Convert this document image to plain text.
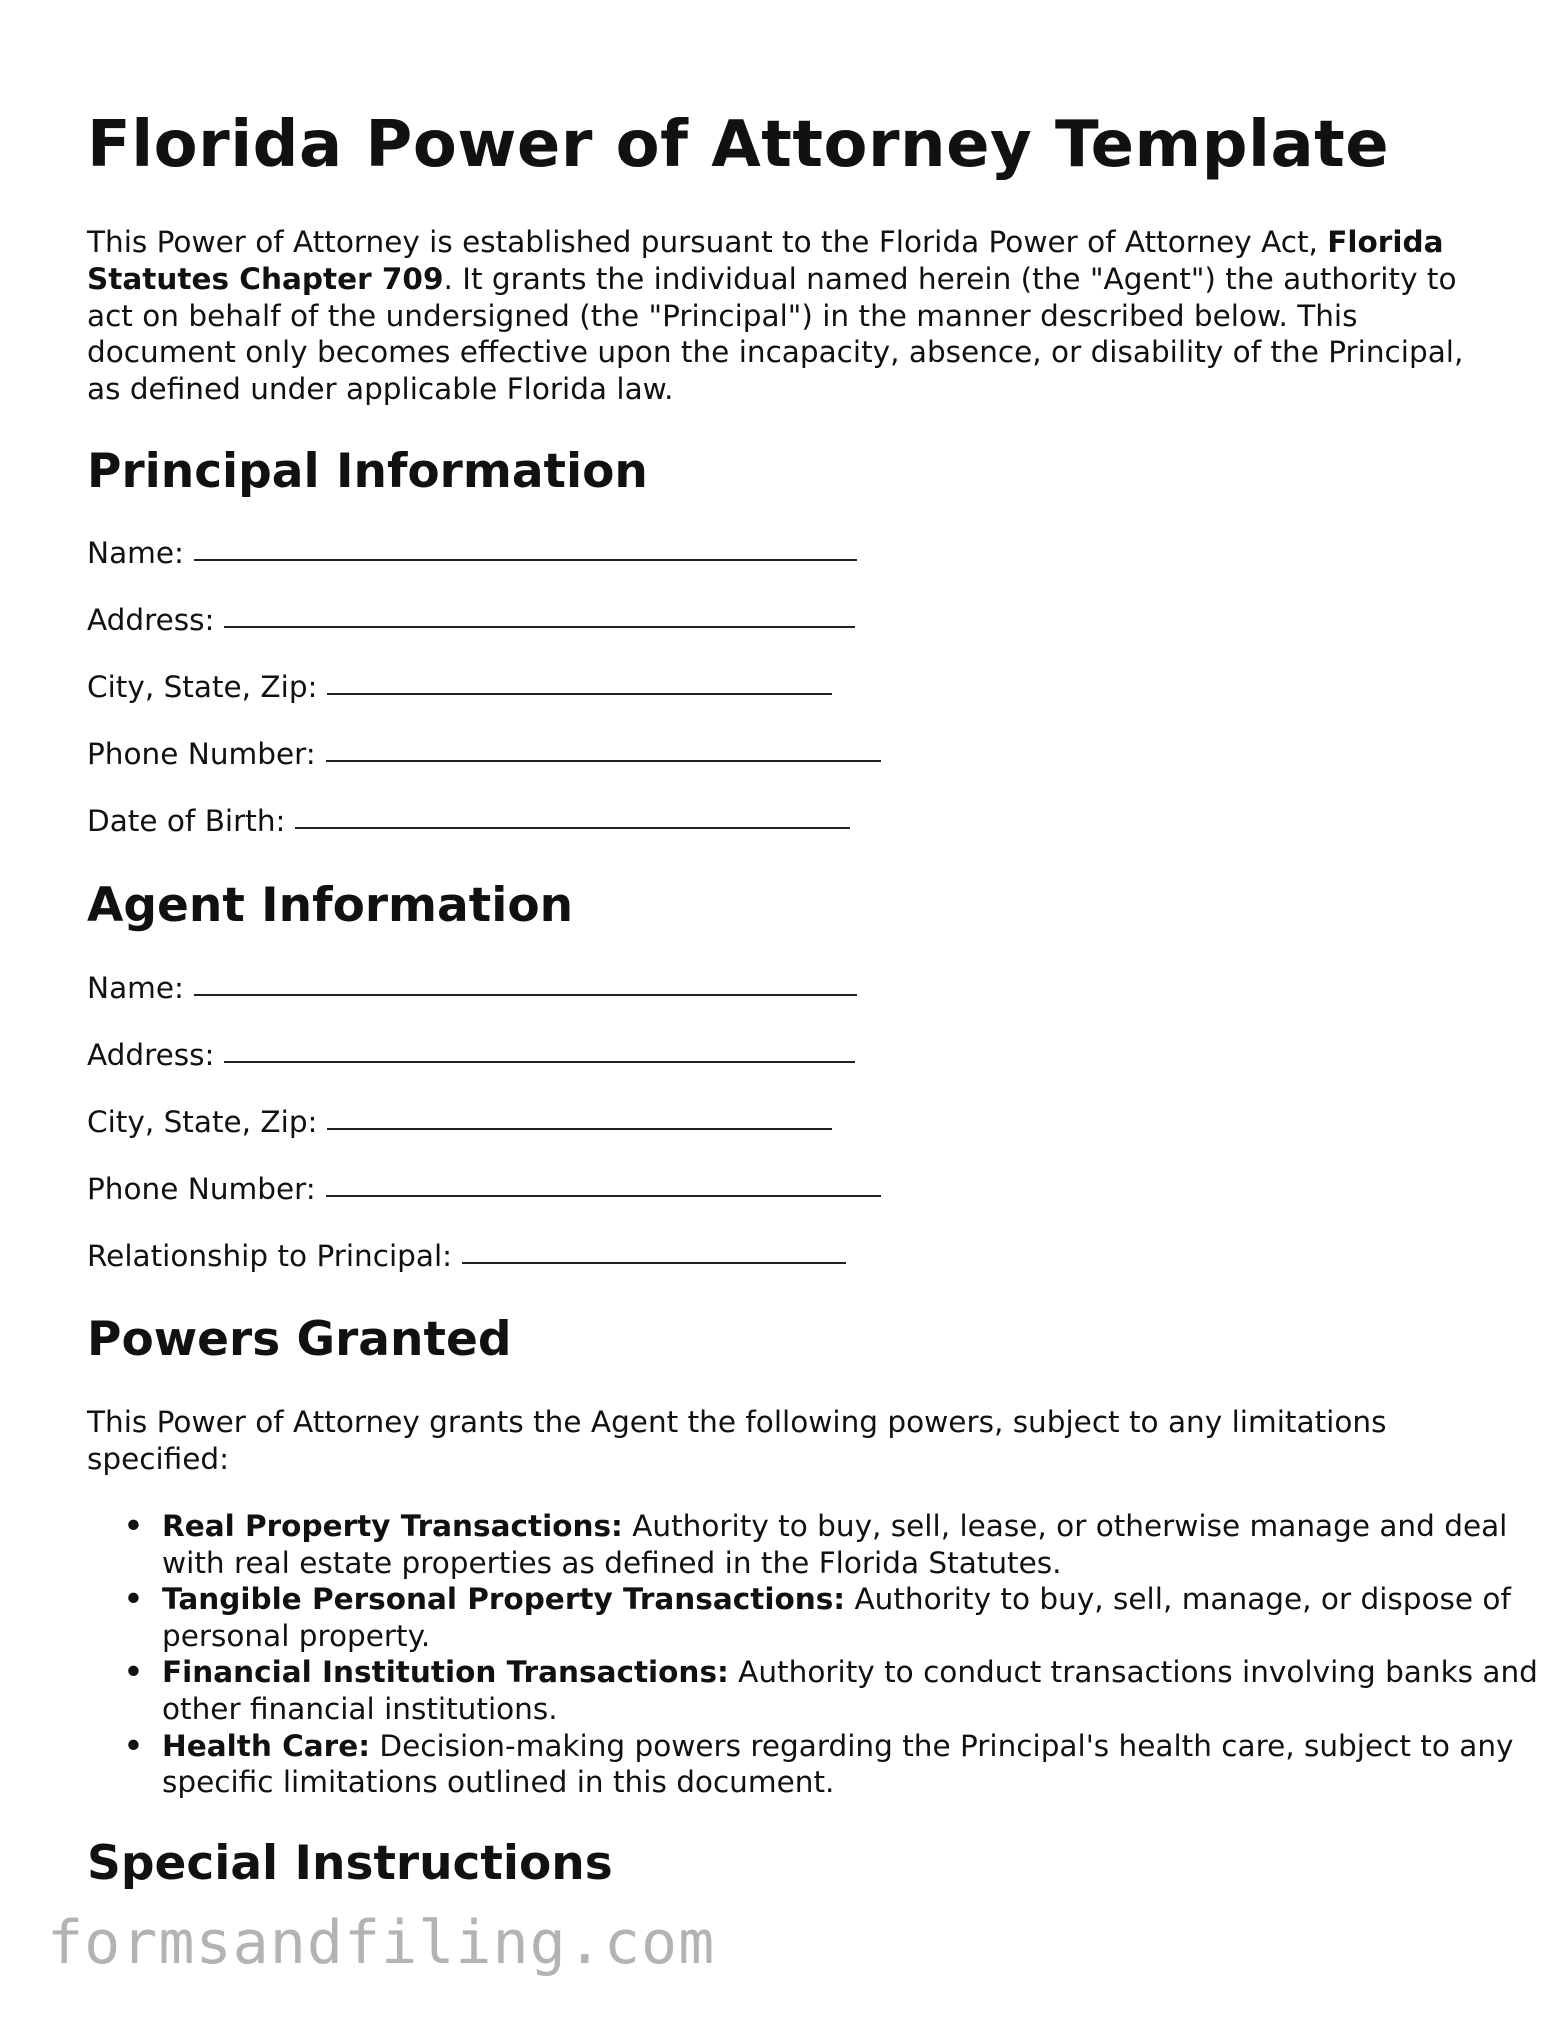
Florida Power of Attorney Template

This Power of Attorney is established pursuant to the Florida Power of Attorney Act, Florida Statutes Chapter 709. It grants the individual named herein (the "Agent") the authority to act on behalf of the undersigned (the "Principal") in the manner described below. This document only becomes effective upon the incapacity, absence, or disability of the Principal, as defined under applicable Florida law.

Principal Information
Name:
Address:
City, State, Zip:
Phone Number:
Date of Birth:
Agent Information
Name:
Address:
City, State, Zip:
Phone Number:
Relationship to Principal:
Powers Granted

This Power of Attorney grants the Agent the following powers, subject to any limitations specified:

• Real Property Transactions: Authority to buy, sell, lease, or otherwise manage and deal with real estate properties as defined in the Florida Statutes.
• Tangible Personal Property Transactions: Authority to buy, sell, manage, or dispose of personal property.
• Financial Institution Transactions: Authority to conduct transactions involving banks and other financial institutions.
• Health Care: Decision-making powers regarding the Principal's health care, subject to any specific limitations outlined in this document.
Special Instructions
formsandfiling.com
